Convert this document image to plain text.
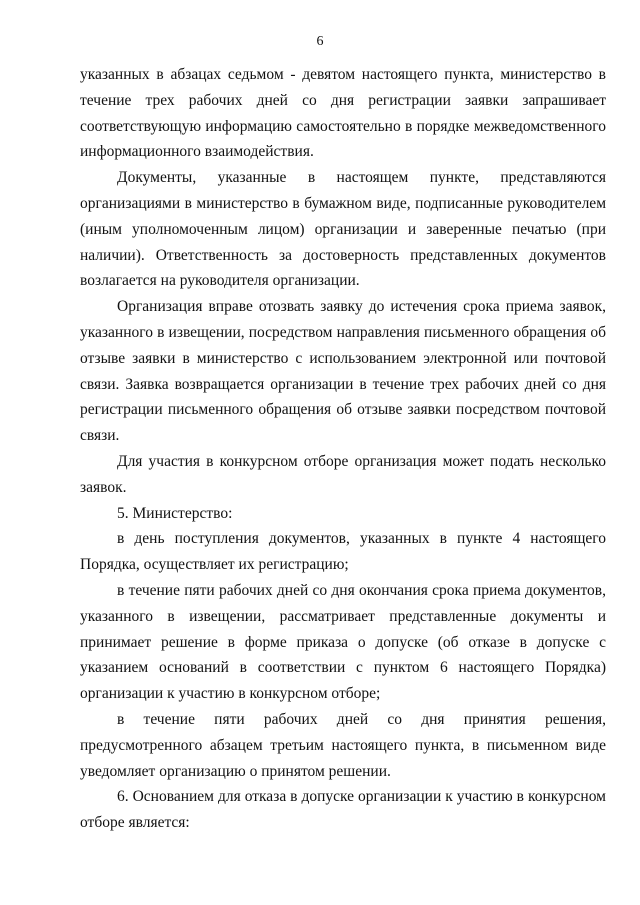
6

указанных в абзацах седьмом - девятом настоящего пункта, министерство в течение трех рабочих дней со дня регистрации заявки запрашивает соответствующую информацию самостоятельно в порядке межведомственного информационного взаимодействия.

Документы, указанные в настоящем пункте, представляются организациями в министерство в бумажном виде, подписанные руководителем (иным уполномоченным лицом) организации и заверенные печатью (при наличии). Ответственность за достоверность представленных документов возлагается на руководителя организации.

Организация вправе отозвать заявку до истечения срока приема заявок, указанного в извещении, посредством направления письменного обращения об отзыве заявки в министерство с использованием электронной или почтовой связи. Заявка возвращается организации в течение трех рабочих дней со дня регистрации письменного обращения об отзыве заявки посредством почтовой связи.

Для участия в конкурсном отборе организация может подать несколько заявок.

5. Министерство:

в день поступления документов, указанных в пункте 4 настоящего Порядка, осуществляет их регистрацию;

в течение пяти рабочих дней со дня окончания срока приема документов, указанного в извещении, рассматривает представленные документы и принимает решение в форме приказа о допуске (об отказе в допуске с указанием оснований в соответствии с пунктом 6 настоящего Порядка) организации к участию в конкурсном отборе;

в течение пяти рабочих дней со дня принятия решения, предусмотренного абзацем третьим настоящего пункта, в письменном виде уведомляет организацию о принятом решении.

6. Основанием для отказа в допуске организации к участию в конкурсном отборе является:
